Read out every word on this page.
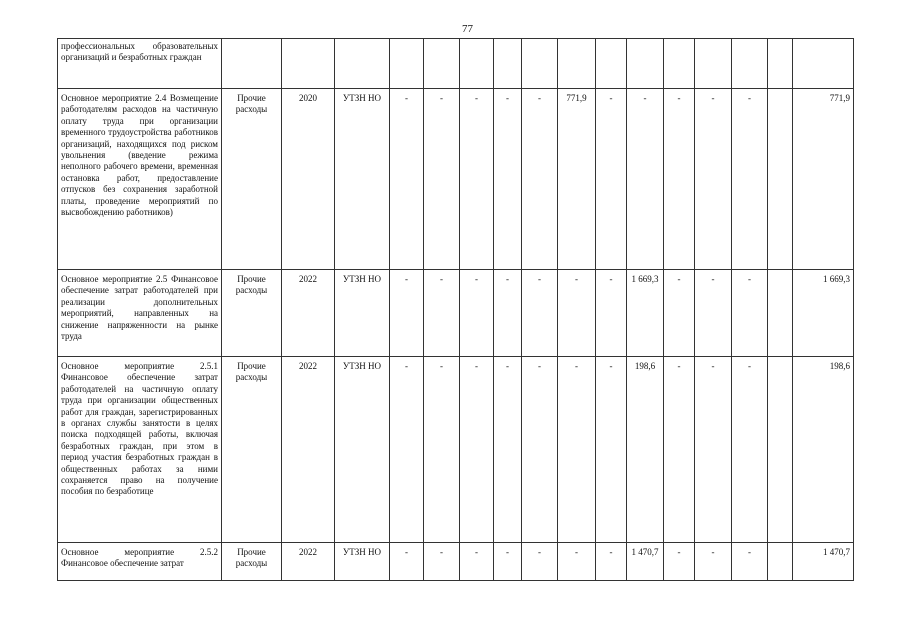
77
профессиональных образовательных организаций и безработных граждан																
Основное мероприятие 2.4 Возмещение работодателям расходов на частичную оплату труда при организации временного трудоустройства работников организаций, находящихся под риском увольнения (введение режима неполного рабочего времени, временная остановка работ, предоставление отпусков без сохранения заработной платы, проведение мероприятий по высвобождению работников)	Прочие расходы	2020	УТЗН НО	-	-	-	-	-	771,9	-	-	-	-	-		771,9
Основное мероприятие 2.5 Финансовое обеспечение затрат работодателей при реализации дополнительных мероприятий, направленных на снижение напряженности на рынке труда	Прочие расходы	2022	УТЗН НО	-	-	-	-	-	-	-	1 669,3	-	-	-		1 669,3
Основное мероприятие 2.5.1 Финансовое обеспечение затрат работодателей на частичную оплату труда при организации общественных работ для граждан, зарегистрированных в органах службы занятости в целях поиска подходящей работы, включая безработных граждан, при этом в период участия безработных граждан в общественных работах за ними сохраняется право на получение пособия по безработице	Прочие расходы	2022	УТЗН НО	-	-	-	-	-	-	-	198,6	-	-	-		198,6
Основное мероприятие 2.5.2 Финансовое обеспечение затрат	Прочие расходы	2022	УТЗН НО	-	-	-	-	-	-	-	1 470,7	-	-	-		1 470,7
